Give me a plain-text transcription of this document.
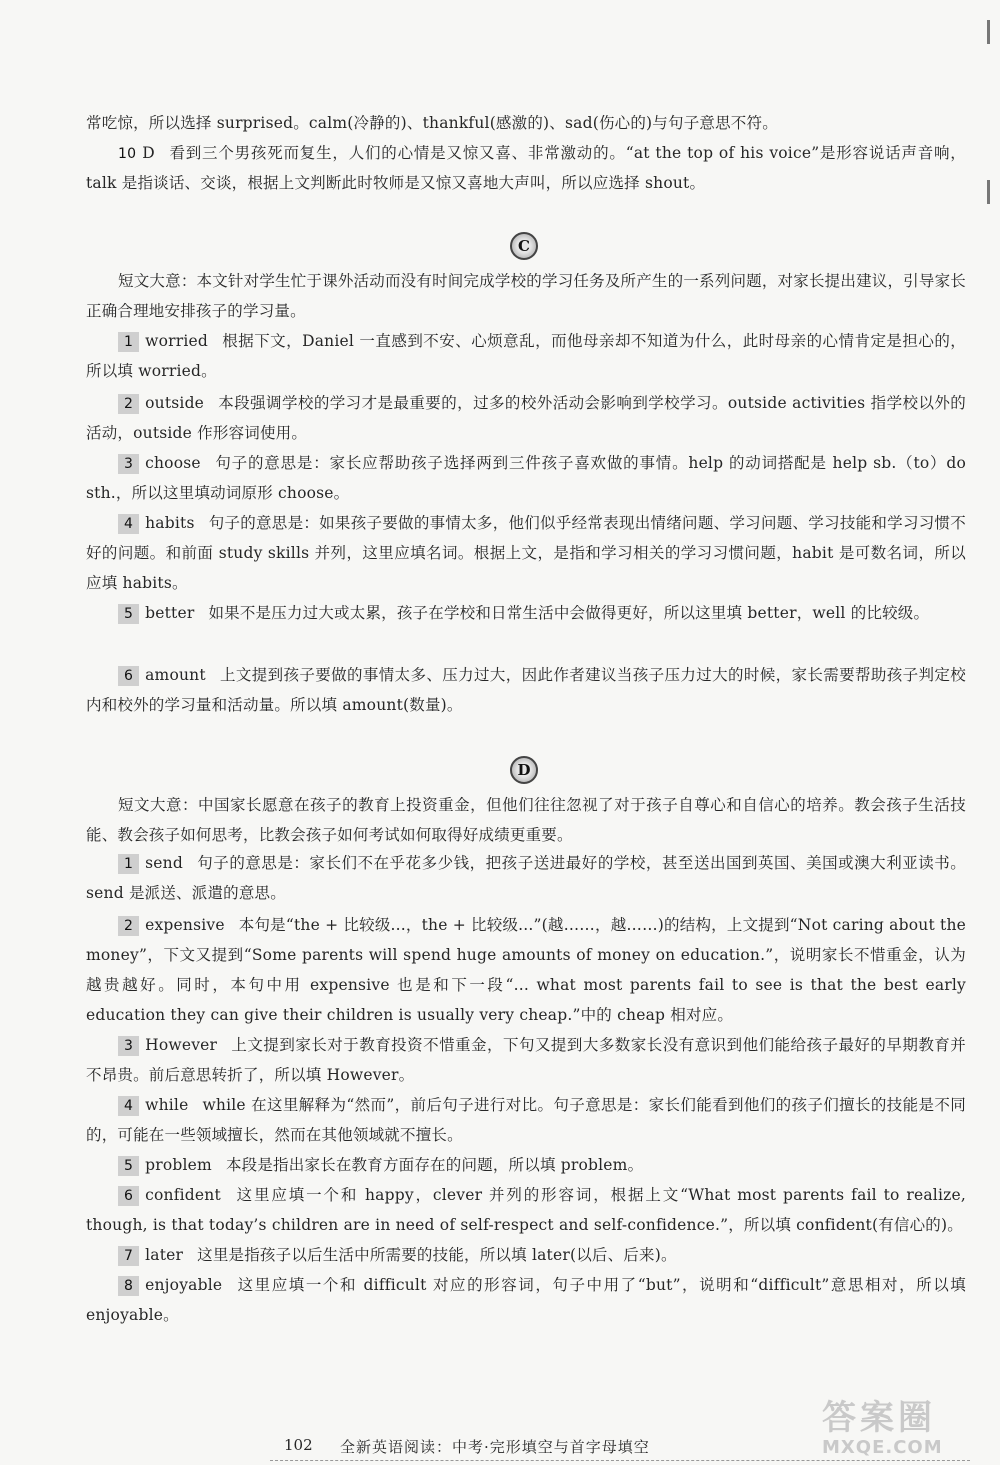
常吃惊，所以选择 surprised。calm(冷静的)、thankful(感激的)、sad(伤心的)与句子意思不符。
10 D 看到三个男孩死而复生，人们的心情是又惊又喜、非常激动的。“at the top of his voice”是形容说话声音响，talk 是指谈话、交谈，根据上文判断此时牧师是又惊又喜地大声叫，所以应选择 shout。
C
短文大意：本文针对学生忙于课外活动而没有时间完成学校的学习任务及所产生的一系列问题，对家长提出建议，引导家长正确合理地安排孩子的学习量。
1 worried 根据下文，Daniel 一直感到不安、心烦意乱，而他母亲却不知道为什么，此时母亲的心情肯定是担心的，所以填 worried。
2 outside 本段强调学校的学习才是最重要的，过多的校外活动会影响到学校学习。outside activities 指学校以外的活动，outside 作形容词使用。
3 choose 句子的意思是：家长应帮助孩子选择两到三件孩子喜欢做的事情。help 的动词搭配是 help sb.（to）do sth.，所以这里填动词原形 choose。
4 habits 句子的意思是：如果孩子要做的事情太多，他们似乎经常表现出情绪问题、学习问题、学习技能和学习习惯不好的问题。和前面 study skills 并列，这里应填名词。根据上文，是指和学习相关的学习习惯问题，habit 是可数名词，所以应填 habits。
5 better 如果不是压力过大或太累，孩子在学校和日常生活中会做得更好，所以这里填 better，well 的比较级。
6 amount 上文提到孩子要做的事情太多、压力过大，因此作者建议当孩子压力过大的时候，家长需要帮助孩子判定校内和校外的学习量和活动量。所以填 amount(数量)。
D
短文大意：中国家长愿意在孩子的教育上投资重金，但他们往往忽视了对于孩子自尊心和自信心的培养。教会孩子生活技能、教会孩子如何思考，比教会孩子如何考试如何取得好成绩更重要。
1 send 句子的意思是：家长们不在乎花多少钱，把孩子送进最好的学校，甚至送出国到英国、美国或澳大利亚读书。send 是派送、派遣的意思。
2 expensive 本句是“the + 比较级...，the + 比较级...”(越……，越……)的结构，上文提到“Not caring about the money”，下文又提到“Some parents will spend huge amounts of money on education.”，说明家长不惜重金，认为越贵越好。同时，本句中用 expensive 也是和下一段“... what most parents fail to see is that the best early education they can give their children is usually very cheap.”中的 cheap 相对应。
3 However 上文提到家长对于教育投资不惜重金，下句又提到大多数家长没有意识到他们能给孩子最好的早期教育并不昂贵。前后意思转折了，所以填 However。
4 while while 在这里解释为“然而”，前后句子进行对比。句子意思是：家长们能看到他们的孩子们擅长的技能是不同的，可能在一些领域擅长，然而在其他领域就不擅长。
5 problem 本段是指出家长在教育方面存在的问题，所以填 problem。
6 confident 这里应填一个和 happy，clever 并列的形容词，根据上文“What most parents fail to realize, though, is that today’s children are in need of self-respect and self-confidence.”，所以填 confident(有信心的)。
7 later 这里是指孩子以后生活中所需要的技能，所以填 later(以后、后来)。
8 enjoyable 这里应填一个和 difficult 对应的形容词，句子中用了“but”，说明和“difficult”意思相对，所以填 enjoyable。
102 全新英语阅读：中考·完形填空与首字母填空
答案圈
MXQE.COM
